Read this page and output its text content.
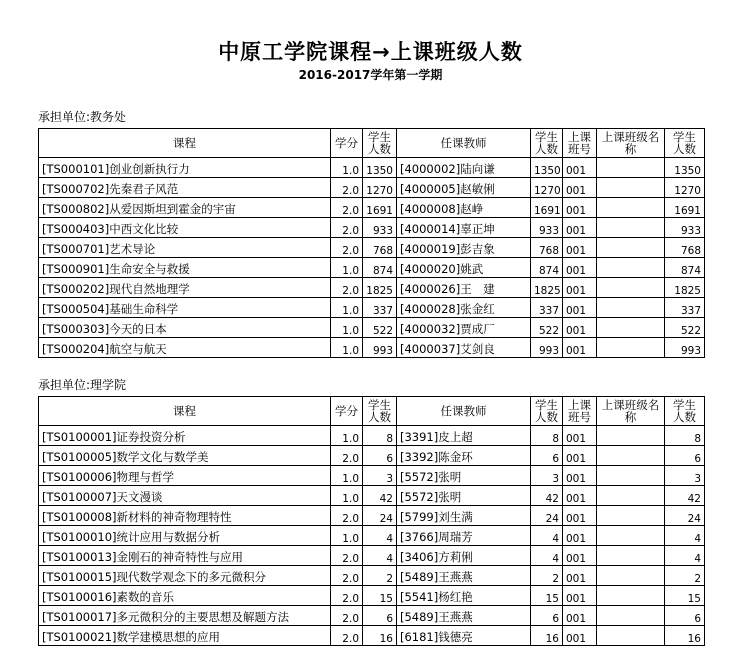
中原工学院课程→上课班级人数
2016-2017学年第一学期
承担单位:教务处
课程	学分	学生人数	任课教师	学生人数	上课班号	上课班级名 称	学生人数
[TS000101]创业创新执行力	1.0	1350	[4000002]陆向谦	1350	001		1350
[TS000702]先秦君子风范	2.0	1270	[4000005]赵敏俐	1270	001		1270
[TS000802]从爱因斯坦到霍金的宇宙	2.0	1691	[4000008]赵峥	1691	001		1691
[TS000403]中西文化比较	2.0	933	[4000014]辜正坤	933	001		933
[TS000701]艺术导论	2.0	768	[4000019]彭吉象	768	001		768
[TS000901]生命安全与救援	1.0	874	[4000020]姚武	874	001		874
[TS000202]现代自然地理学	2.0	1825	[4000026]王　建	1825	001		1825
[TS000504]基础生命科学	1.0	337	[4000028]张金红	337	001		337
[TS000303]今天的日本	1.0	522	[4000032]贾成厂	522	001		522
[TS000204]航空与航天	1.0	993	[4000037]艾剑良	993	001		993
承担单位:理学院
课程	学分	学生人数	任课教师	学生人数	上课班号	上课班级名 称	学生人数
[TS0100001]证券投资分析	1.0	8	[3391]皮上超	8	001		8
[TS0100005]数学文化与数学美	2.0	6	[3392]陈金环	6	001		6
[TS0100006]物理与哲学	1.0	3	[5572]张明	3	001		3
[TS0100007]天文漫谈	1.0	42	[5572]张明	42	001		42
[TS0100008]新材料的神奇物理特性	2.0	24	[5799]刘生满	24	001		24
[TS0100010]统计应用与数据分析	1.0	4	[3766]周瑞芳	4	001		4
[TS0100013]金刚石的神奇特性与应用	2.0	4	[3406]方莉俐	4	001		4
[TS0100015]现代数学观念下的多元微积分	2.0	2	[5489]王燕燕	2	001		2
[TS0100016]素数的音乐	2.0	15	[5541]杨红艳	15	001		15
[TS0100017]多元微积分的主要思想及解题方法	2.0	6	[5489]王燕燕	6	001		6
[TS0100021]数学建模思想的应用	2.0	16	[6181]钱德亮	16	001		16
